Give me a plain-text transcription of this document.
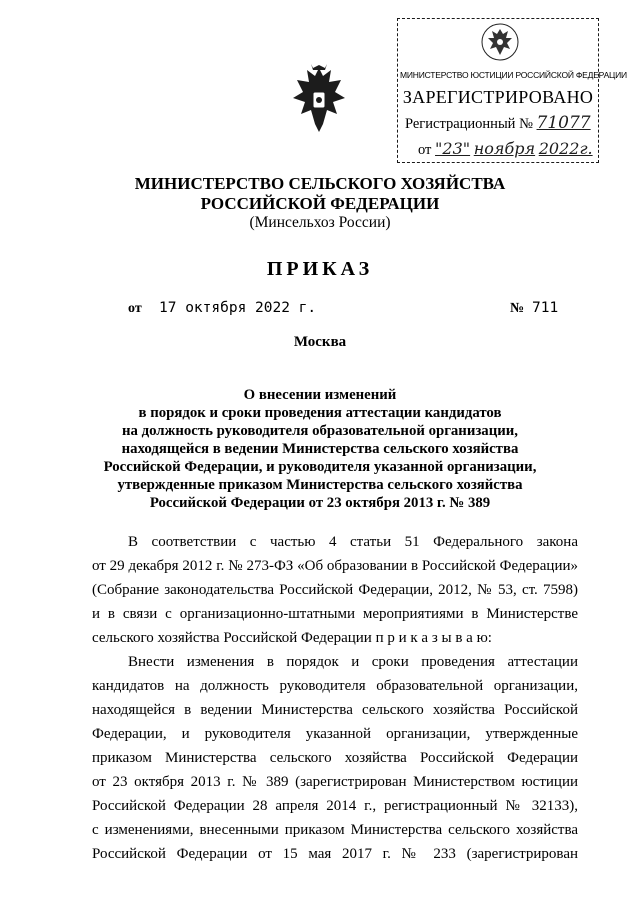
МИНИСТЕРСТВО ЮСТИЦИИ РОССИЙСКОЙ ФЕДЕРАЦИИ
ЗАРЕГИСТРИРОВАНО
Регистрационный № 71077
от "23" ноября 2022г.
МИНИСТЕРСТВО СЕЛЬСКОГО ХОЗЯЙСТВА
РОССИЙСКОЙ ФЕДЕРАЦИИ
(Минсельхоз России)
ПРИКАЗ
от 17 октября 2022 г.	№ 711
Москва
О внесении изменений
в порядок и сроки проведения аттестации кандидатов
на должность руководителя образовательной организации,
находящейся в ведении Министерства сельского хозяйства
Российской Федерации, и руководителя указанной организации,
утвержденные приказом Министерства сельского хозяйства
Российской Федерации от 23 октября 2013 г. № 389
В соответствии с частью 4 статьи 51 Федерального закона
от 29 декабря 2012 г. № 273-ФЗ «Об образовании в Российской Федерации»
(Собрание законодательства Российской Федерации, 2012, № 53, ст. 7598)
и в связи с организационно-штатными мероприятиями в Министерстве
сельского хозяйства Российской Федерации п р и к а з ы в а ю:
Внести изменения в порядок и сроки проведения аттестации
кандидатов на должность руководителя образовательной организации,
находящейся в ведении Министерства сельского хозяйства Российской
Федерации, и руководителя указанной организации, утвержденные
приказом Министерства сельского хозяйства Российской Федерации
от 23 октября 2013 г. № 389 (зарегистрирован Министерством юстиции
Российской Федерации 28 апреля 2014 г., регистрационный № 32133),
с изменениями, внесенными приказом Министерства сельского хозяйства
Российской Федерации от 15 мая 2017 г. № 233 (зарегистрирован
